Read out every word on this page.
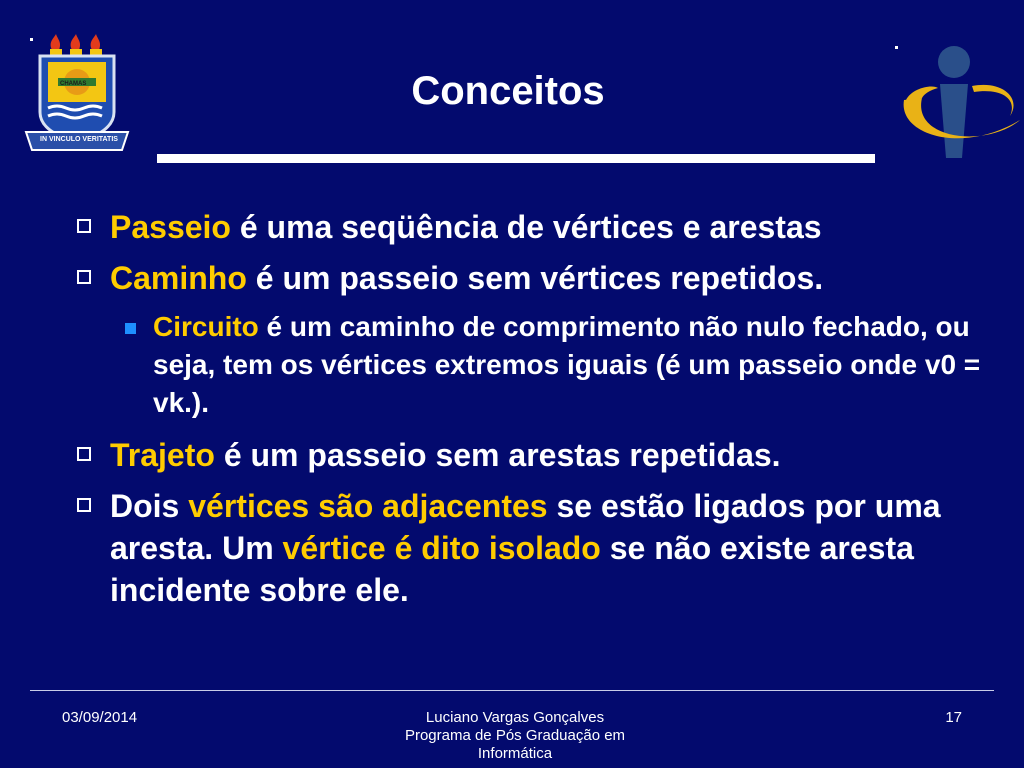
CHAMAS
IN VINCULO VERITATIS
Conceitos
Passeio é uma seqüência de vértices e arestas
Caminho é um passeio sem vértices repetidos.
Circuito é um caminho de comprimento não nulo fechado, ou seja, tem os vértices extremos iguais (é um passeio onde v0 = vk.).
Trajeto é um passeio sem arestas repetidas.
Dois vértices são adjacentes se estão ligados por uma aresta. Um vértice é dito isolado se não existe aresta incidente sobre ele.
03/09/2014	Luciano Vargas Gonçalves
Programa de Pós Graduação em Informática
17
